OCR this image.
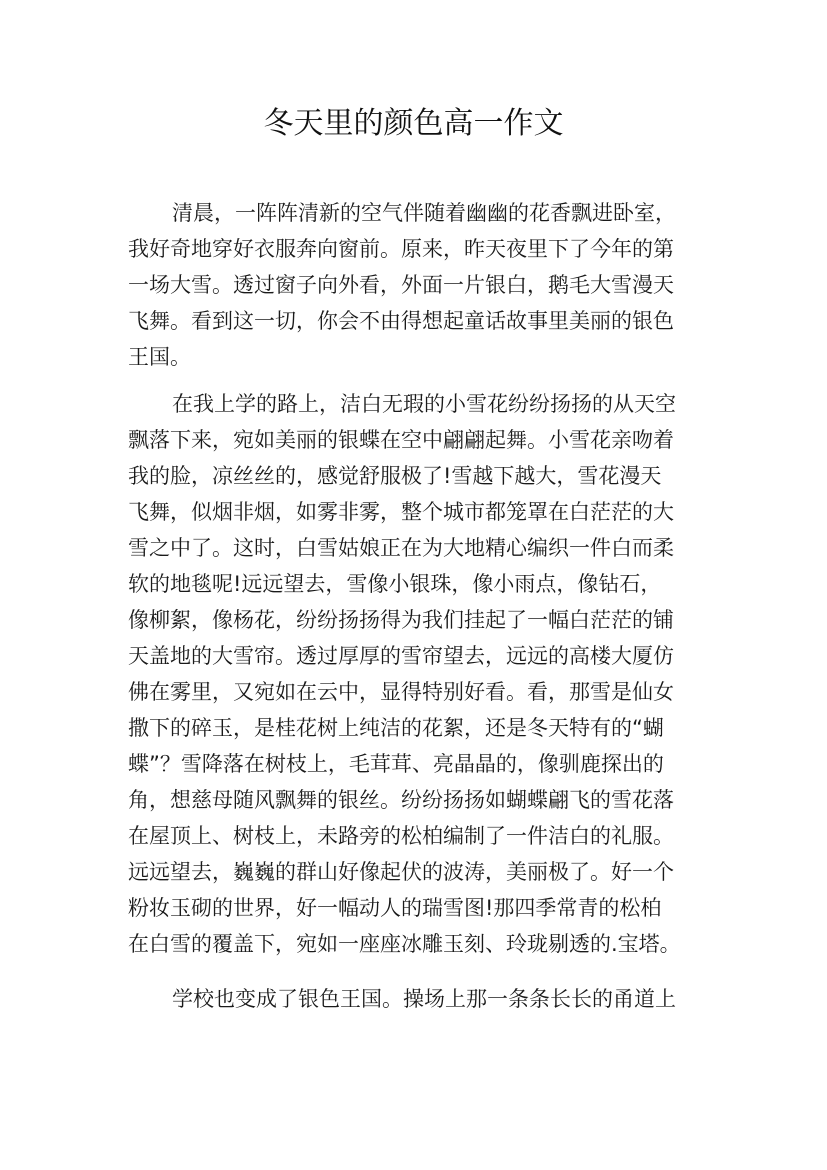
冬天里的颜色高一作文
清晨，一阵阵清新的空气伴随着幽幽的花香飘进卧室，
我好奇地穿好衣服奔向窗前。原来，昨天夜里下了今年的第
一场大雪。透过窗子向外看，外面一片银白，鹅毛大雪漫天
飞舞。看到这一切，你会不由得想起童话故事里美丽的银色
王国。
在我上学的路上，洁白无瑕的小雪花纷纷扬扬的从天空
飘落下来，宛如美丽的银蝶在空中翩翩起舞。小雪花亲吻着
我的脸，凉丝丝的，感觉舒服极了!雪越下越大，雪花漫天
飞舞，似烟非烟，如雾非雾，整个城市都笼罩在白茫茫的大
雪之中了。这时，白雪姑娘正在为大地精心编织一件白而柔
软的地毯呢!远远望去，雪像小银珠，像小雨点，像钻石，
像柳絮，像杨花，纷纷扬扬得为我们挂起了一幅白茫茫的铺
天盖地的大雪帘。透过厚厚的雪帘望去，远远的高楼大厦仿
佛在雾里，又宛如在云中，显得特别好看。看，那雪是仙女
撒下的碎玉，是桂花树上纯洁的花絮，还是冬天特有的“蝴
蝶”？雪降落在树枝上，毛茸茸、亮晶晶的，像驯鹿探出的
角，想慈母随风飘舞的银丝。纷纷扬扬如蝴蝶翩飞的雪花落
在屋顶上、树枝上，未路旁的松柏编制了一件洁白的礼服。
远远望去，巍巍的群山好像起伏的波涛，美丽极了。好一个
粉妆玉砌的世界，好一幅动人的瑞雪图!那四季常青的松柏
在白雪的覆盖下，宛如一座座冰雕玉刻、玲珑剔透的.宝塔。
学校也变成了银色王国。操场上那一条条长长的甬道上
